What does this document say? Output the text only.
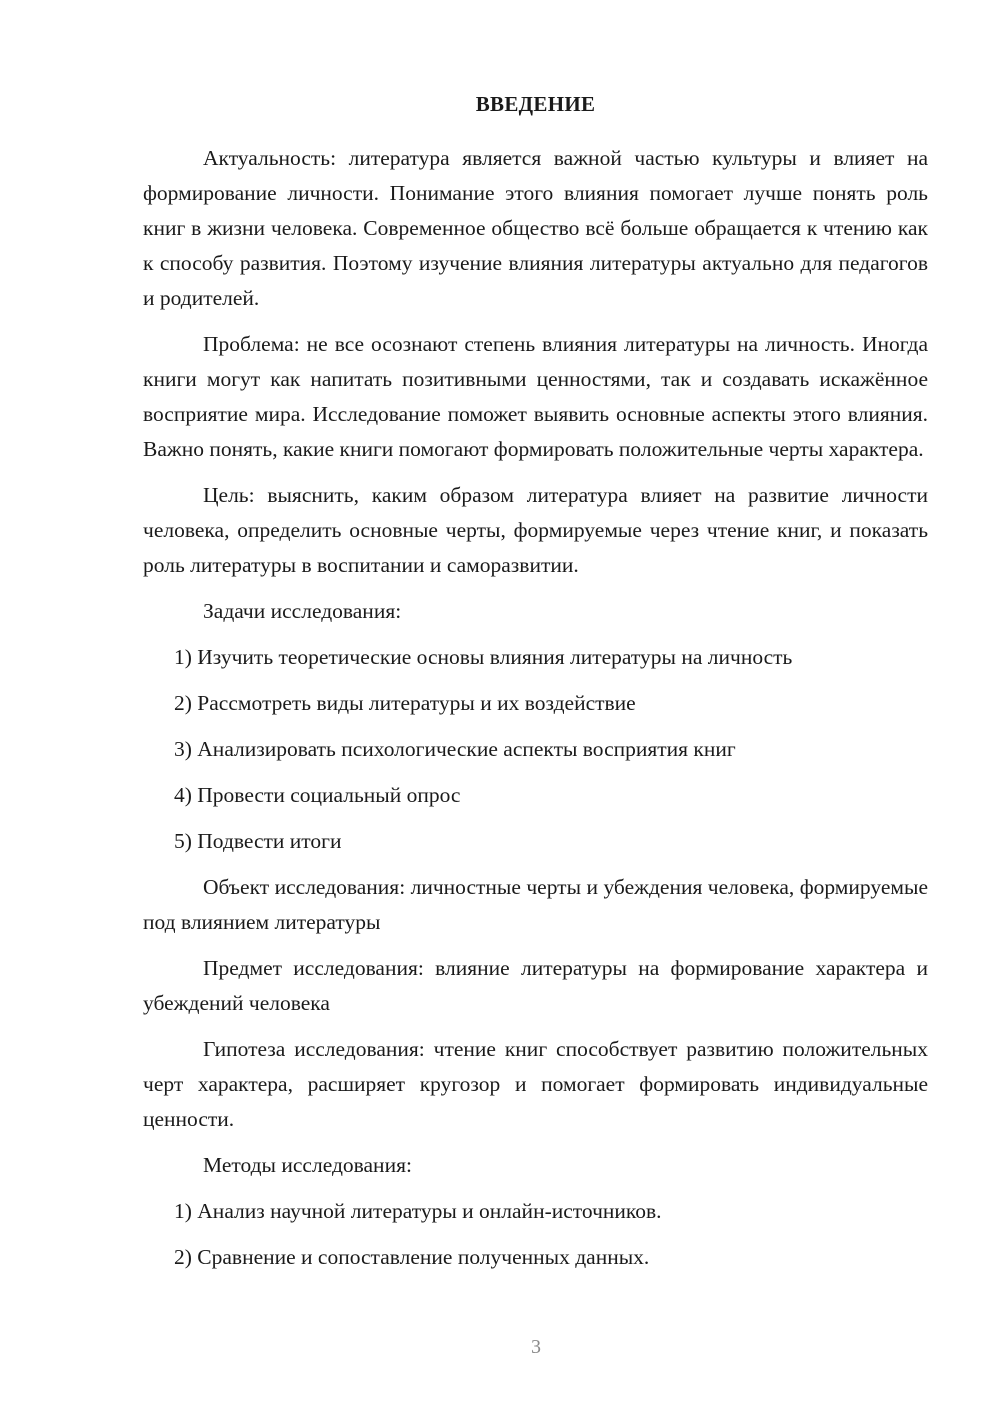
ВВЕДЕНИЕ

Актуальность: литература является важной частью культуры и влияет на формирование личности. Понимание этого влияния помогает лучше понять роль книг в жизни человека. Современное общество всё больше обращается к чтению как к способу развития. Поэтому изучение влияния литературы актуально для педагогов и родителей.

Проблема: не все осознают степень влияния литературы на личность. Иногда книги могут как напитать позитивными ценностями, так и создавать искажённое восприятие мира. Исследование поможет выявить основные аспекты этого влияния. Важно понять, какие книги помогают формировать положительные черты характера.

Цель: выяснить, каким образом литература влияет на развитие личности человека, определить основные черты, формируемые через чтение книг, и показать роль литературы в воспитании и саморазвитии.

Задачи исследования:
1) Изучить теоретические основы влияния литературы на личность
2) Рассмотреть виды литературы и их воздействие
3) Анализировать психологические аспекты восприятия книг
4) Провести социальный опрос
5) Подвести итоги

Объект исследования: личностные черты и убеждения человека, формируемые под влиянием литературы

Предмет исследования: влияние литературы на формирование характера и убеждений человека

Гипотеза исследования: чтение книг способствует развитию положительных черт характера, расширяет кругозор и помогает формировать индивидуальные ценности.

Методы исследования:
1) Анализ научной литературы и онлайн-источников.
2) Сравнение и сопоставление полученных данных.
3
